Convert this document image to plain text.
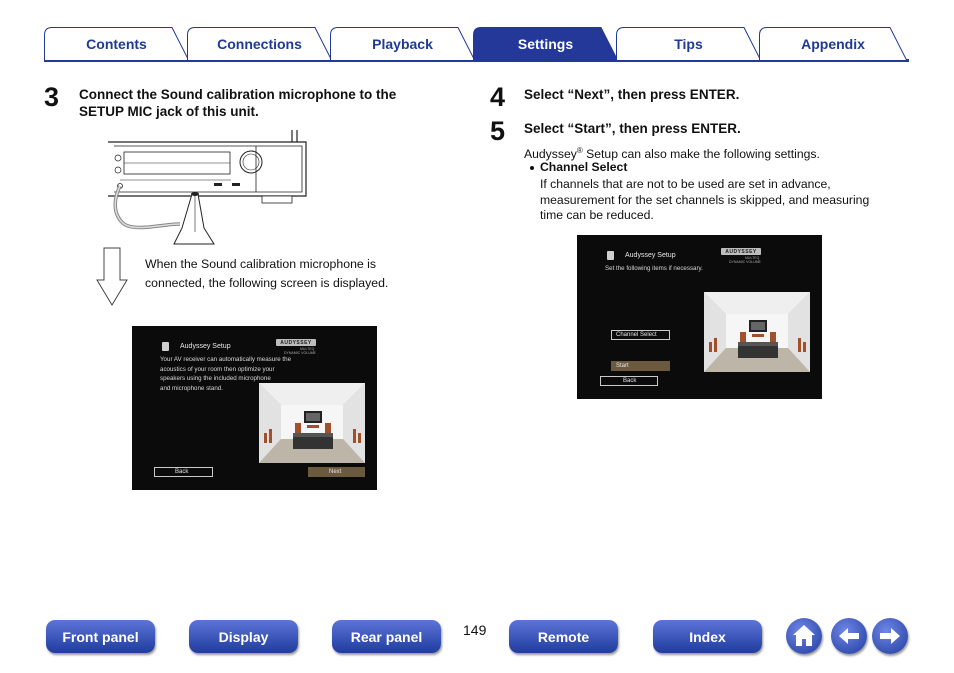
Contents	Connections	Playback	Settings	Tips	Appendix
3 Connect the Sound calibration microphone to the
SETUP MIC jack of this unit.
When the Sound calibration microphone is
connected, the following screen is displayed.
Audyssey Setup
AUDYSSEY
MULTEQ
DYNAMIC VOLUME
Your AV receiver can automatically measure the
acoustics of your room then optimize your
speakers using the included microphone
and microphone stand.
Back	Next
4 Select “Next”, then press ENTER.
5 Select “Start”, then press ENTER.
Audyssey® Setup can also make the following settings.
Channel Select
If channels that are not to be used are set in advance,
measurement for the set channels is skipped, and measuring
time can be reduced.
Audyssey Setup
AUDYSSEY
MULTEQ
DYNAMIC VOLUME
Set the following items if necessary.
Channel Select
Start
Back
Front panel	Display	Rear panel	149	Remote	Index
